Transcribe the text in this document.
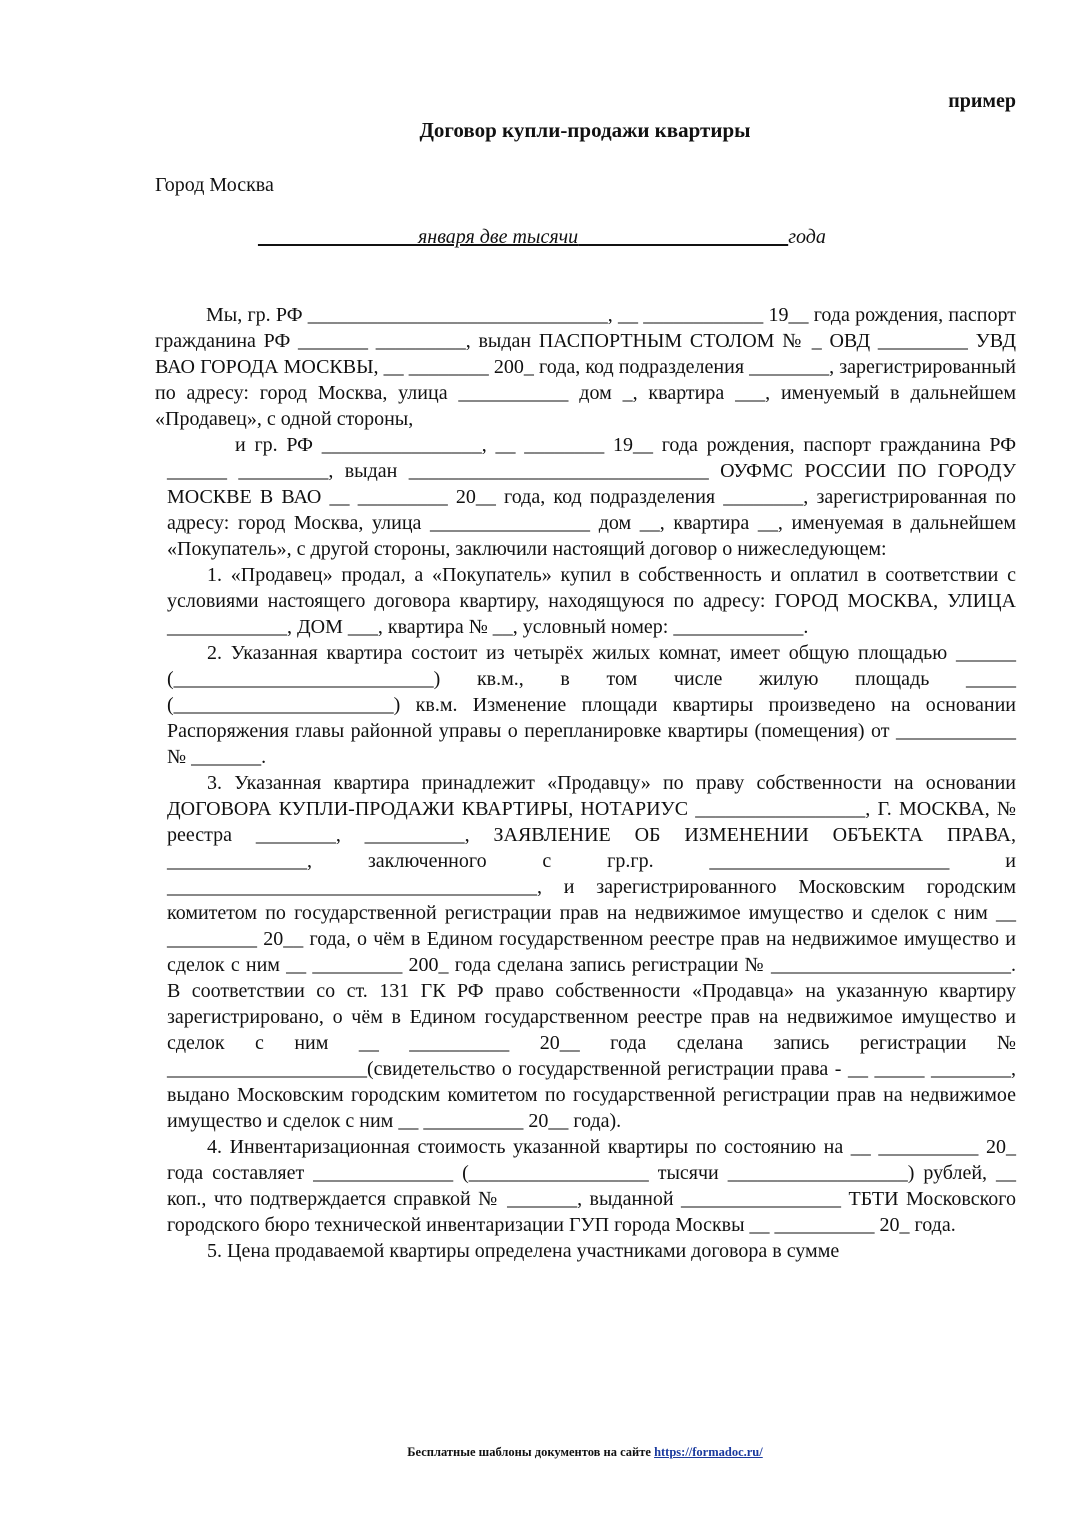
пример
Договор купли-продажи квартиры
Город Москва
________________января две тысячи ____________________ года

Мы, гр. РФ ______________________________, __ ____________ 19__ года рождения, паспорт гражданина РФ _______ _________, выдан ПАСПОРТНЫМ СТОЛОМ № _ ОВД _________ УВД ВАО ГОРОДА МОСКВЫ, __ ________ 200_ года, код подразделения ________, зарегистрированный по адресу: город Москва, улица ___________ дом _, квартира ___, именуемый в дальнейшем «Продавец», с одной стороны,

и гр. РФ ________________, __ ________ 19__ года рождения, паспорт гражданина РФ ______ _________, выдан ______________________________ ОУФМС РОССИИ ПО ГОРОДУ МОСКВЕ В ВАО __ _________ 20__ года, код подразделения ________, зарегистрированная по адресу: город Москва, улица ________________ дом __, квартира __, именуемая в дальнейшем «Покупатель», с другой стороны, заключили настоящий договор о нижеследующем:

1. «Продавец» продал, а «Покупатель» купил в собственность и оплатил в соответствии с условиями настоящего договора квартиру, находящуюся по адресу: ГОРОД МОСКВА, УЛИЦА ____________, ДОМ ___, квартира № __, условный номер: _____________.

2. Указанная квартира состоит из четырёх жилых комнат, имеет общую площадью ______ (__________________________) кв.м., в том числе жилую площадь _____ (______________________) кв.м. Изменение площади квартиры произведено на основании Распоряжения главы районной управы о перепланировке квартиры (помещения) от ____________ № _______.

3. Указанная квартира принадлежит «Продавцу» по праву собственности на основании ДОГОВОРА КУПЛИ-ПРОДАЖИ КВАРТИРЫ, НОТАРИУС _________________, Г. МОСКВА, № реестра ________, __________, ЗАЯВЛЕНИЕ ОБ ИЗМЕНЕНИИ ОБЪЕКТА ПРАВА, ______________, заключенного с гр.гр. ________________________ и _____________________________________, и зарегистрированного Московским городским комитетом по государственной регистрации прав на недвижимое имущество и сделок с ним __ _________ 20__ года, о чём в Едином государственном реестре прав на недвижимое имущество и сделок с ним __ _________ 200_ года сделана запись регистрации № ________________________. В соответствии со ст. 131 ГК РФ право собственности «Продавца» на указанную квартиру зарегистрировано, о чём в Едином государственном реестре прав на недвижимое имущество и сделок с ним __ __________ 20__ года сделана запись регистрации № ____________________(свидетельство о государственной регистрации права - __ _____ ________, выдано Московским городским комитетом по государственной регистрации прав на недвижимое имущество и сделок с ним __ __________ 20__ года).

4. Инвентаризационная стоимость указанной квартиры по состоянию на __ __________ 20_ года составляет ______________ (__________________ тысячи __________________) рублей, __ коп., что подтверждается справкой № _______, выданной ________________ ТБТИ Московского городского бюро технической инвентаризации ГУП города Москвы __ __________ 20_ года.

5. Цена продаваемой квартиры определена участниками договора в сумме

Бесплатные шаблоны документов на сайте https://formadoc.ru/
